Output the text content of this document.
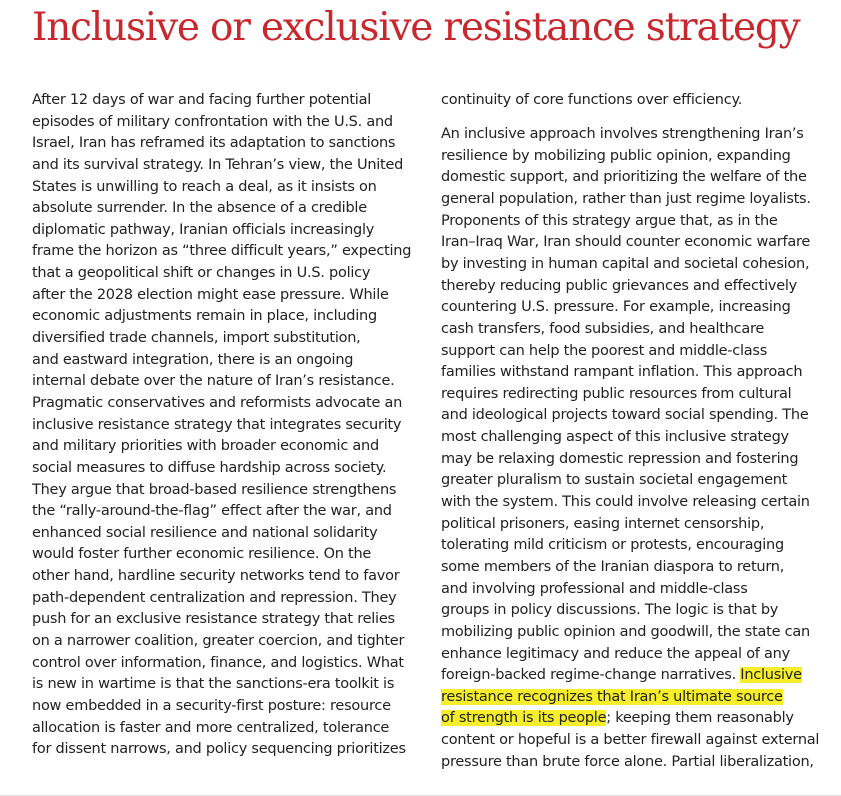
Inclusive or exclusive resistance strategy
After 12 days of war and facing further potential
episodes of military confrontation with the U.S. and
Israel, Iran has reframed its adaptation to sanctions
and its survival strategy. In Tehran’s view, the United
States is unwilling to reach a deal, as it insists on
absolute surrender. In the absence of a credible
diplomatic pathway, Iranian officials increasingly
frame the horizon as “three difficult years,” expecting
that a geopolitical shift or changes in U.S. policy
after the 2028 election might ease pressure. While
economic adjustments remain in place, including
diversified trade channels, import substitution,
and eastward integration, there is an ongoing
internal debate over the nature of Iran’s resistance.
Pragmatic conservatives and reformists advocate an
inclusive resistance strategy that integrates security
and military priorities with broader economic and
social measures to diffuse hardship across society.
They argue that broad-based resilience strengthens
the “rally-around-the-flag” effect after the war, and
enhanced social resilience and national solidarity
would foster further economic resilience. On the
other hand, hardline security networks tend to favor
path-dependent centralization and repression. They
push for an exclusive resistance strategy that relies
on a narrower coalition, greater coercion, and tighter
control over information, finance, and logistics. What
is new in wartime is that the sanctions-era toolkit is
now embedded in a security-first posture: resource
allocation is faster and more centralized, tolerance
for dissent narrows, and policy sequencing prioritizes
continuity of core functions over efficiency.
An inclusive approach involves strengthening Iran’s
resilience by mobilizing public opinion, expanding
domestic support, and prioritizing the welfare of the
general population, rather than just regime loyalists.
Proponents of this strategy argue that, as in the
Iran–Iraq War, Iran should counter economic warfare
by investing in human capital and societal cohesion,
thereby reducing public grievances and effectively
countering U.S. pressure. For example, increasing
cash transfers, food subsidies, and healthcare
support can help the poorest and middle-class
families withstand rampant inflation. This approach
requires redirecting public resources from cultural
and ideological projects toward social spending. The
most challenging aspect of this inclusive strategy
may be relaxing domestic repression and fostering
greater pluralism to sustain societal engagement
with the system. This could involve releasing certain
political prisoners, easing internet censorship,
tolerating mild criticism or protests, encouraging
some members of the Iranian diaspora to return,
and involving professional and middle-class
groups in policy discussions. The logic is that by
mobilizing public opinion and goodwill, the state can
enhance legitimacy and reduce the appeal of any
foreign-backed regime-change narratives. Inclusive
resistance recognizes that Iran’s ultimate source
of strength is its people; keeping them reasonably
content or hopeful is a better firewall against external
pressure than brute force alone. Partial liberalization,
